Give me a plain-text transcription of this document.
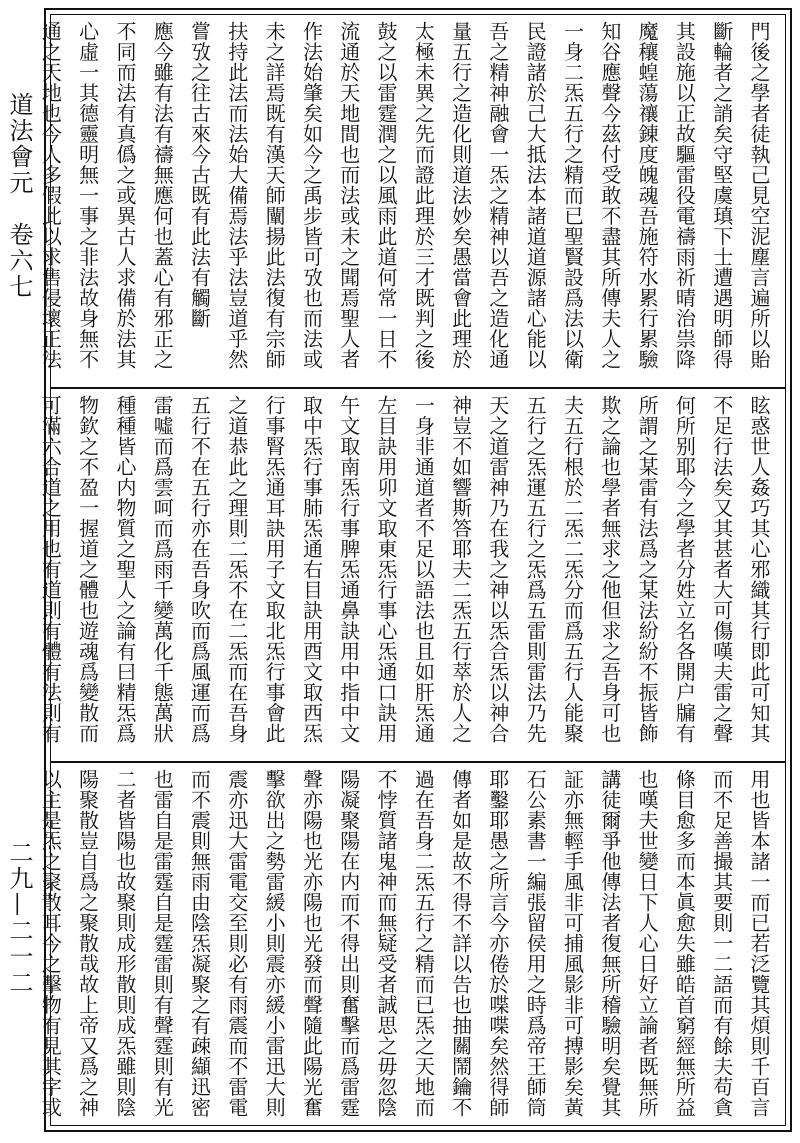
道法會元　卷六七
二九—二一二
門後之學者徒執己見空泥塵言遍所以貽
斷輪者之誚矣守堅虞瑱下士遭遇明師得
其設施以正故驅雷役電禱雨祈晴治祟降
魔穰蝗蕩禳錬度魄魂吾施符水累行累驗
知谷應聲今茲付受敢不盡其所傳夫人之
一身二炁五行之精而已聖賢設爲法以衛
民證諸於己大抵法本諸道道源諸心能以
吾之精神融會一炁之精神以吾之造化通
量五行之造化則道法妙矣愚當會此理於
太極未異之先而證此理於三才既判之後
鼓之以雷霆潤之以風雨此道何常一日不
流通於天地間也而法或未之聞焉聖人者
作法始肇矣如今之禹步皆可攷也而法或
未之詳焉既有漢天師闡揚此法復有宗師
扶持此法而法始大備焉法乎法豈道乎然
嘗攷之往古來今古既有此法有觸斷
應今雖有法有禱無應何也蓋心有邪正之
不同而法有真僞之或異古人求備於法其
心虛一其德靈明無一事之非法故身無不
通之天地也今人多假此以求售侵壞正法
眩惑世人姦巧其心邪織其行即此可知其
不足行法矣又其甚者大可傷嘆夫雷之聲
何所别耶今之學者分姓立名各開户牖有
所謂之某雷有法爲之某法紛紛不振皆飾
欺之論也學者無求之他但求之吾身可也
夫五行根於二炁二炁分而爲五行人能聚
五行之炁運五行之炁爲五雷則雷法乃先
天之道雷神乃在我之神以炁合炁以神合
神豈不如響斯答耶夫二炁五行萃於人之
一身非通道者不足以語法也且如肝炁通
左目訣用卯文取東炁行事心炁通口訣用
午文取南炁行事脾炁通鼻訣用中指中文
取中炁行事肺炁通右目訣用酉文取西炁
行事腎炁通耳訣用子文取北炁行事會此
之道恭此之理則二炁不在二炁而在吾身
五行不在五行亦在吾身吹而爲風運而爲
雷噓而爲雲呵而爲雨千變萬化千態萬狀
種種皆心内物質之聖人之論有曰精炁爲
物欽之不盈一握道之體也遊魂爲變散而
可滿六合道之用也有道則有體有法則有
用也皆本諸一而已若泛覽其煩則千百言
而不足善撮其要則一二語而有餘夫苟貪
條目愈多而本眞愈失雖皓首窮經無所益
也嘆夫世變日下人心日好立論者既無所
講徒爾爭他傳法者復無所稽驗明矣覺其
証亦無輕手風非可捕風影非可搏影矣黃
石公素書一編張留侯用之時爲帝王師筒
耶鑿耶愚之所言今亦倦於喋喋矣然得師
傳者如是故不得不詳以告也抽關鬧鑰不
過在吾身二炁五行之精而已炁之天地而
不悖質諸鬼神而無疑受者誠思之毋忽陰
陽凝聚陽在内而不得出則奮擊而爲雷霆
聲亦陽也光亦陽也光發而聲隨此陽光奮
擊欲出之勢雷緩小則震亦緩小雷迅大則
震亦迅大雷電交至則必有雨震而不雷電
而不震則無雨由陰炁凝聚之有疎纈迅密
也雷自是雷霆自是霆雷則有聲霆則有光
二者皆陽也故聚則成形散則成炁雖則陰
陽聚散豈自爲之聚散哉故上帝又爲之神
以主是炁之聚散耳今之擊物有見其字或
